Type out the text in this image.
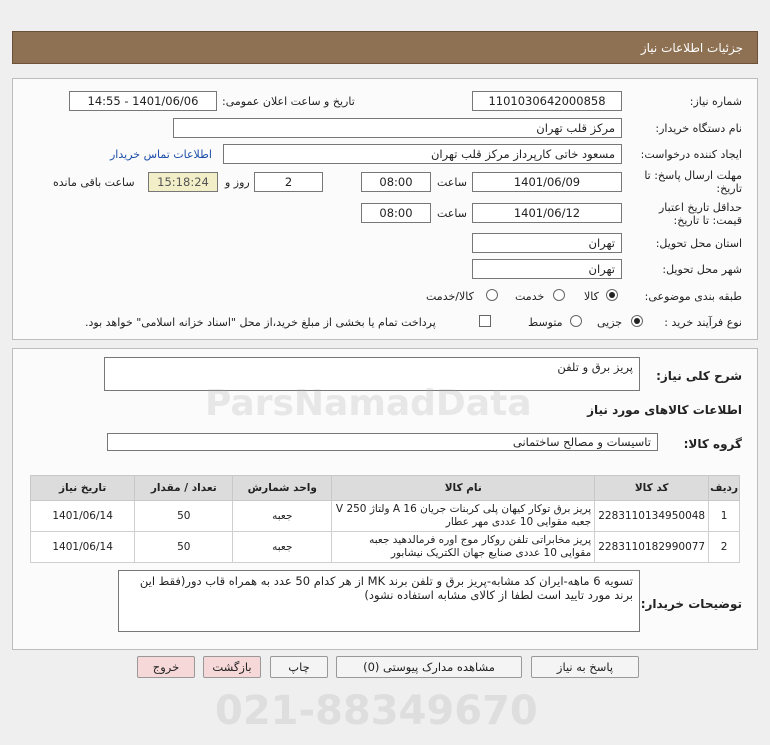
جزئیات اطلاعات نیاز
شماره نیاز:
1101030642000858
تاریخ و ساعت اعلان عمومی:
1401/06/06 - 14:55
نام دستگاه خریدار:
مرکز قلب تهران
ایجاد کننده درخواست:
مسعود خاتی کارپرداز مرکز قلب تهران
اطلاعات تماس خریدار
مهلت ارسال پاسخ: تا
تاریخ:
1401/06/09
ساعت
08:00
2
روز و
15:18:24
ساعت باقی مانده
حداقل تاریخ اعتبار
قیمت: تا تاریخ:
1401/06/12
ساعت
08:00
استان محل تحویل:
تهران
شهر محل تحویل:
تهران
طبقه بندی موضوعی:
کالا
خدمت
کالا/خدمت
نوع فرآیند خرید :
جزیی
متوسط
پرداخت تمام یا بخشی از مبلغ خرید،از محل "اسناد خزانه اسلامی" خواهد بود.
شرح کلی نیاز:
پریز برق و تلفن
اطلاعات کالاهای مورد نیاز
گروه کالا:
تاسیسات و مصالح ساختمانی
ردیف	کد کالا	نام کالا	واحد شمارش	تعداد / مقدار	تاریخ نیاز
1	2283110134950048	پریز برق توکار کیهان پلی کربنات جریان 16 A ولتاژ 250 V جعبه مقوایی 10 عددی مهر عطار	جعبه	50	1401/06/14
2	2283110182990077	پریز مخابراتی تلفن روکار موج اوره فرمالدهید جعبه مقوایی 10 عددی صنایع جهان الکتریک نیشابور	جعبه	50	1401/06/14
توضیحات خریدار:
تسویه 6 ماهه-ایران کد مشابه-پریز برق و تلفن برند MK از هر کدام 50 عدد به همراه قاب دور(فقط این برند مورد تایید است لطفا از کالای مشابه استفاده نشود)
پاسخ به نیاز
مشاهده مدارک پیوستی (0)
چاپ
بازگشت
خروج
ParsNamadData
021-88349670
